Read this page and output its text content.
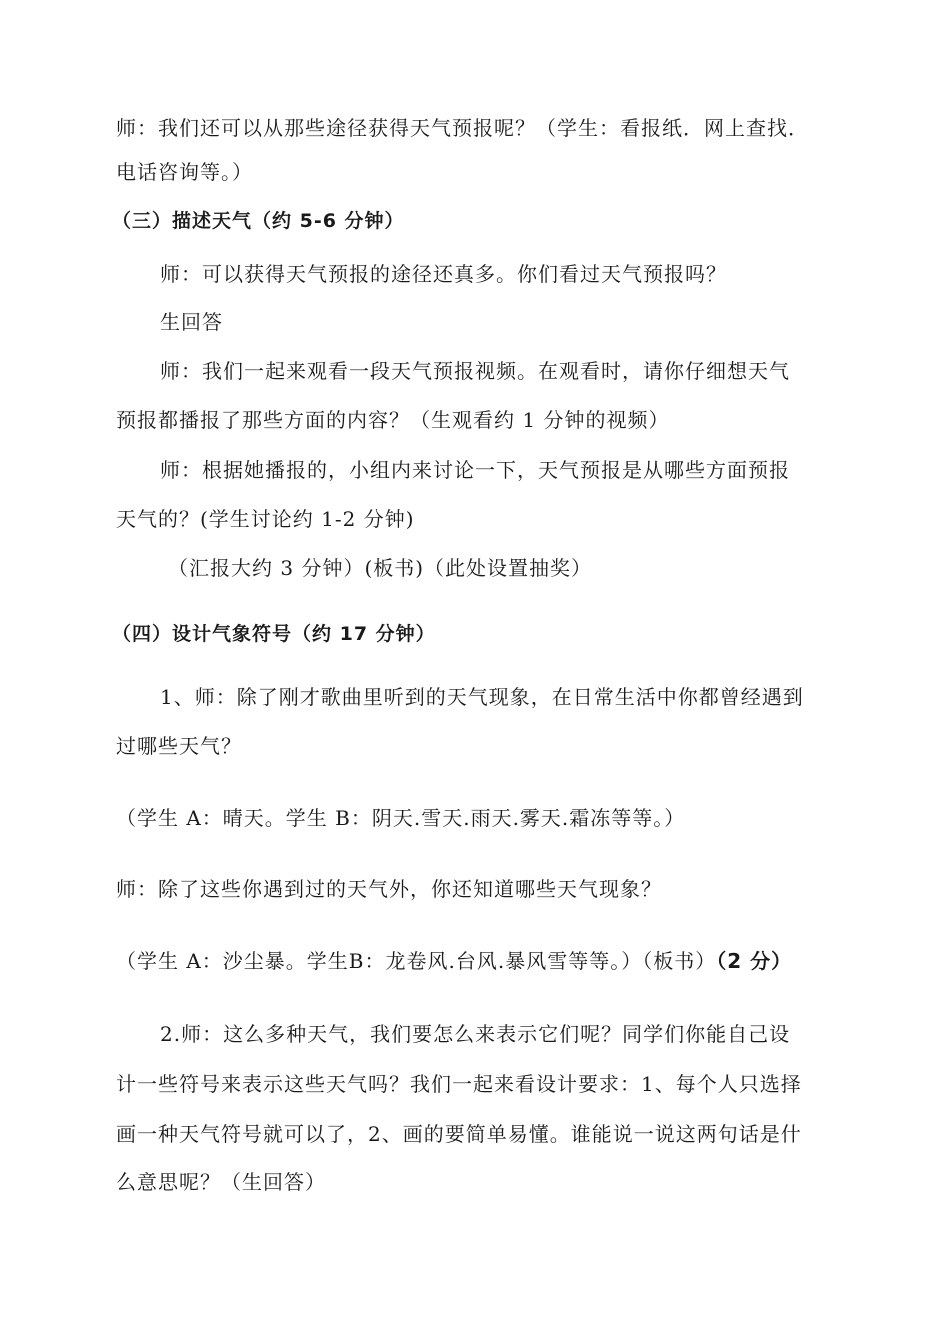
师：我们还可以从那些途径获得天气预报呢？（学生：看报纸．网上查找．
电话咨询等。）
（三）描述天气（约 5-6 分钟）
师：可以获得天气预报的途径还真多。你们看过天气预报吗？
生回答
师：我们一起来观看一段天气预报视频。在观看时，请你仔细想天气
预报都播报了那些方面的内容？（生观看约 1 分钟的视频）
师：根据她播报的，小组内来讨论一下，天气预报是从哪些方面预报
天气的？(学生讨论约 1-2 分钟)
（汇报大约 3 分钟）(板书)（此处设置抽奖）
（四）设计气象符号（约 17 分钟）
1、师：除了刚才歌曲里听到的天气现象，在日常生活中你都曾经遇到
过哪些天气？
（学生 A：晴天。学生 B：阴天.雪天.雨天.雾天.霜冻等等。）
师：除了这些你遇到过的天气外，你还知道哪些天气现象？
（学生 A：沙尘暴。学生B：龙卷风.台风.暴风雪等等。）（板书）（2 分）
2.师：这么多种天气，我们要怎么来表示它们呢？同学们你能自己设
计一些符号来表示这些天气吗？我们一起来看设计要求：1、每个人只选择
画一种天气符号就可以了，2、画的要简单易懂。谁能说一说这两句话是什
么意思呢？（生回答）
